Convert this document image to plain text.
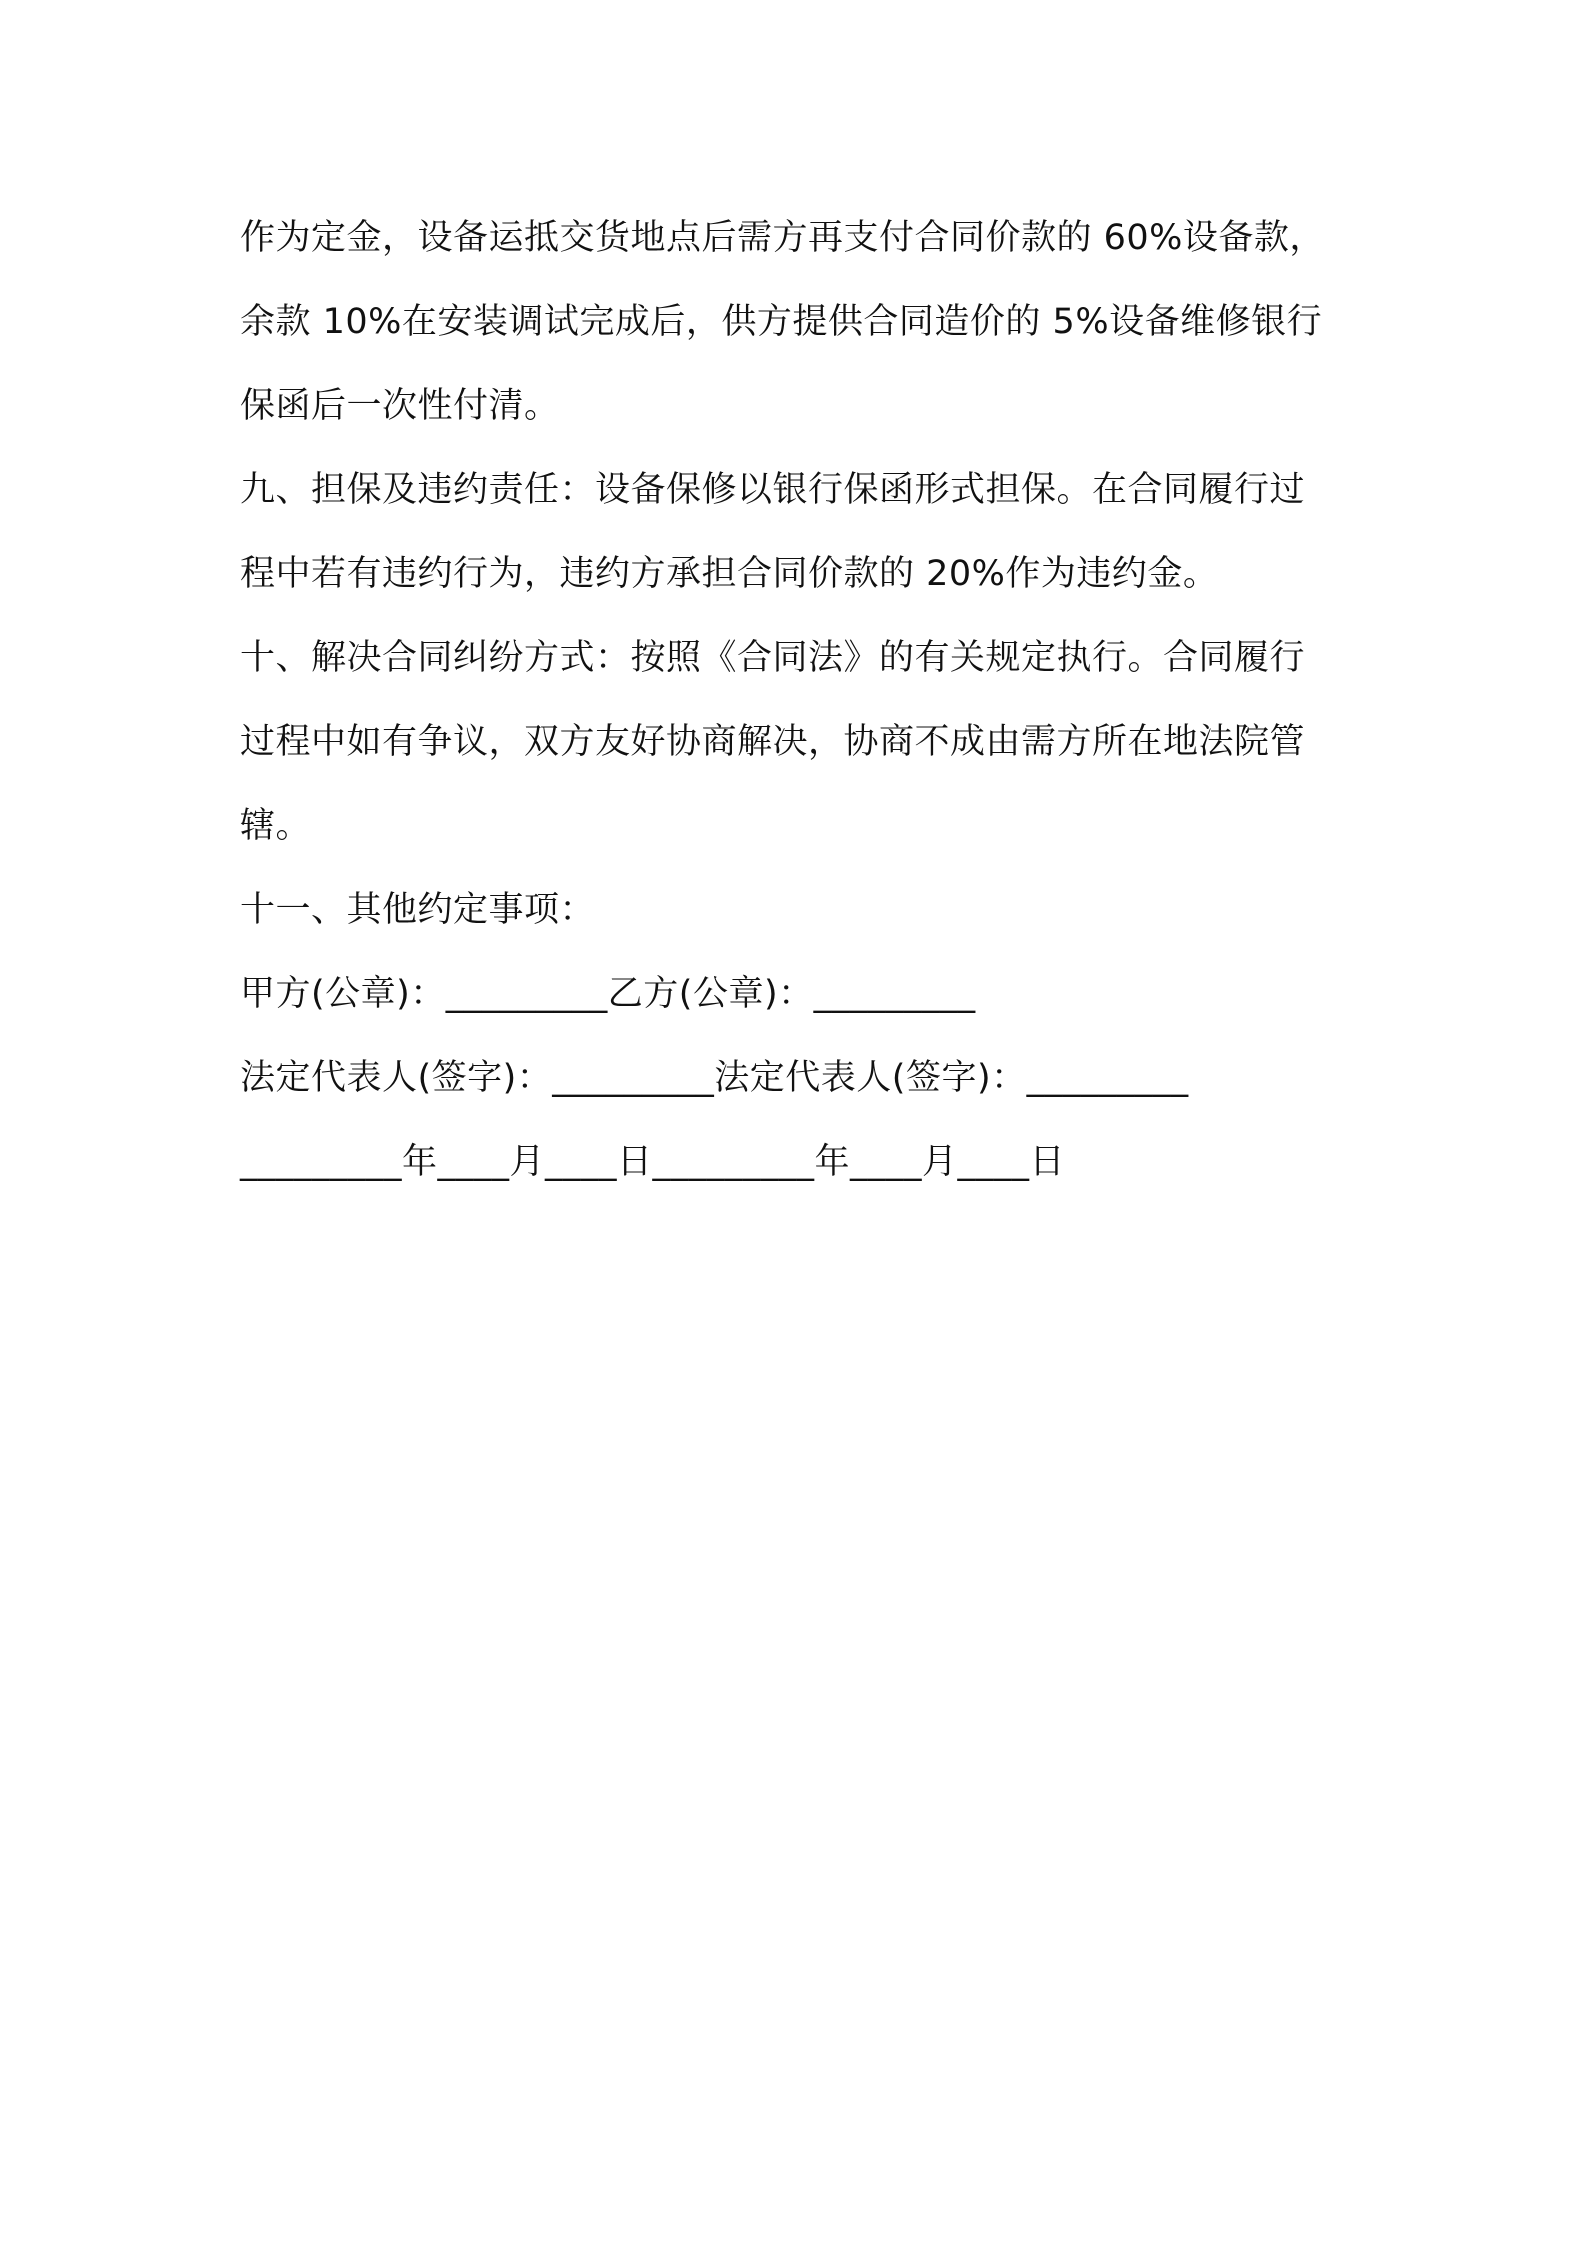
作为定金，设备运抵交货地点后需方再支付合同价款的 60%设备款，
余款 10%在安装调试完成后，供方提供合同造价的 5%设备维修银行
保函后一次性付清。
九、担保及违约责任：设备保修以银行保函形式担保。在合同履行过
程中若有违约行为，违约方承担合同价款的 20%作为违约金。
十、解决合同纠纷方式：按照《合同法》的有关规定执行。合同履行
过程中如有争议，双方友好协商解决，协商不成由需方所在地法院管
辖。
十一、其他约定事项：
甲方(公章)：_________乙方(公章)：_________
法定代表人(签字)：_________法定代表人(签字)：_________
_________年____月____日_________年____月____日
